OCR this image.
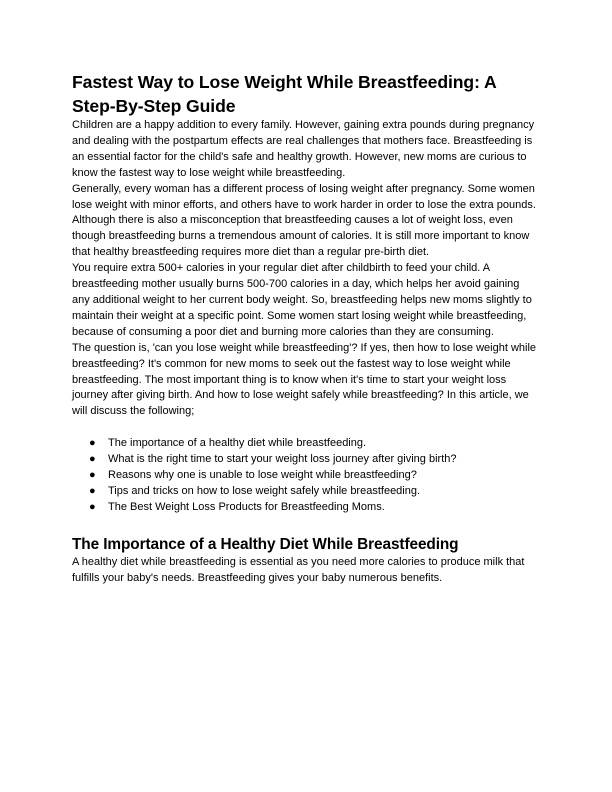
Fastest Way to Lose Weight While Breastfeeding: A Step-By-Step Guide

Children are a happy addition to every family. However, gaining extra pounds during pregnancy and dealing with the postpartum effects are real challenges that mothers face. Breastfeeding is an essential factor for the child's safe and healthy growth. However, new moms are curious to know the fastest way to lose weight while breastfeeding.

Generally, every woman has a different process of losing weight after pregnancy. Some women lose weight with minor efforts, and others have to work harder in order to lose the extra pounds. Although there is also a misconception that breastfeeding causes a lot of weight loss, even though breastfeeding burns a tremendous amount of calories. It is still more important to know that healthy breastfeeding requires more diet than a regular pre-birth diet.

You require extra 500+ calories in your regular diet after childbirth to feed your child. A breastfeeding mother usually burns 500-700 calories in a day, which helps her avoid gaining any additional weight to her current body weight. So, breastfeeding helps new moms slightly to maintain their weight at a specific point. Some women start losing weight while breastfeeding, because of consuming a poor diet and burning more calories than they are consuming.

The question is, 'can you lose weight while breastfeeding'? If yes, then how to lose weight while breastfeeding? It's common for new moms to seek out the fastest way to lose weight while breastfeeding. The most important thing is to know when it's time to start your weight loss journey after giving birth. And how to lose weight safely while breastfeeding? In this article, we will discuss the following;

● The importance of a healthy diet while breastfeeding.
● What is the right time to start your weight loss journey after giving birth?
● Reasons why one is unable to lose weight while breastfeeding?
● Tips and tricks on how to lose weight safely while breastfeeding.
● The Best Weight Loss Products for Breastfeeding Moms.
The Importance of a Healthy Diet While Breastfeeding

A healthy diet while breastfeeding is essential as you need more calories to produce milk that fulfills your baby's needs. Breastfeeding gives your baby numerous benefits.
